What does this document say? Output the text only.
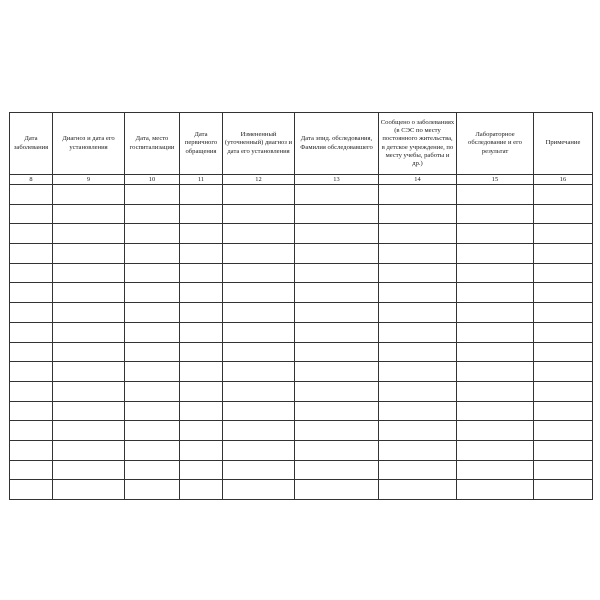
Дата заболевания	Диагноз и дата его установления	Дата, место госпитализации	Дата первичного обращения	Измененный (уточненный) диагноз и дата его установления	Дата эпид. обследования, Фамилия обследовавшего	Сообщено о заболеваниях (в СЭС по месту постоянного жительства, в детское учреждение, по месту учебы, работы и др.)	Лабораторное обследование и его результат	Примечание
8	9	10	11	12	13	14	15	16
